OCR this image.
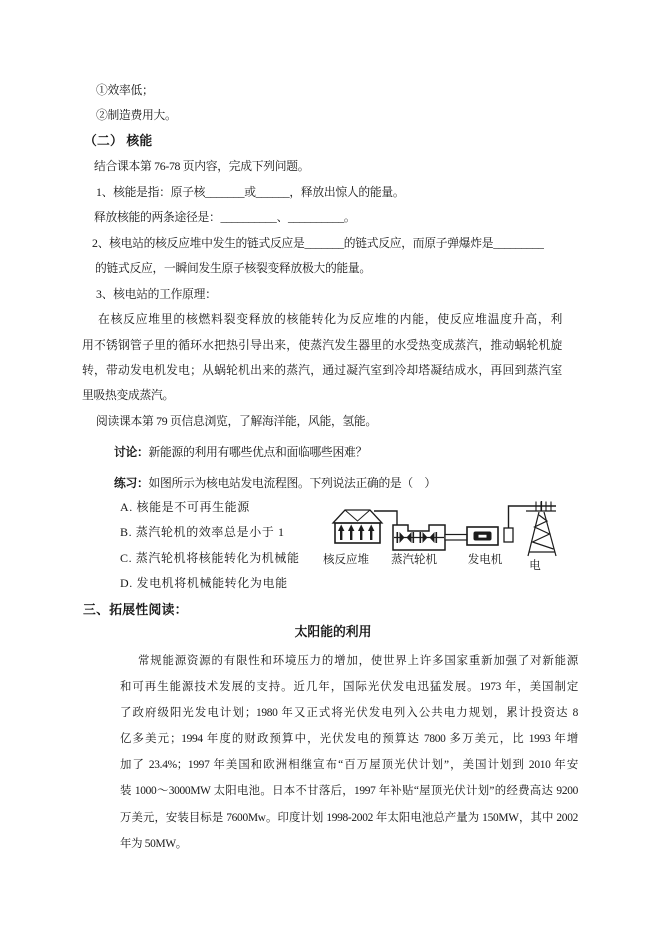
①效率低；
②制造费用大。
（二） 核能
结合课本第 76-78 页内容，完成下列问题。
1、核能是指：原子核_______或______，释放出惊人的能量。
释放核能的两条途径是：__________、__________。
2、核电站的核反应堆中发生的链式反应是_______的链式反应，而原子弹爆炸是_________
的链式反应，一瞬间发生原子核裂变释放极大的能量。
3、核电站的工作原理：
在核反应堆里的核燃料裂变释放的核能转化为反应堆的内能，使反应堆温度升高，利
用不锈钢管子里的循环水把热引导出来，使蒸汽发生器里的水受热变成蒸汽，推动蜗轮机旋
转，带动发电机发电；从蜗轮机出来的蒸汽，通过凝汽室到冷却塔凝结成水，再回到蒸汽室
里吸热变成蒸汽。
阅读课本第 79 页信息浏览，了解海洋能，风能，氢能。
讨论：新能源的利用有哪些优点和面临哪些困难？
练习：如图所示为核电站发电流程图。下列说法正确的是（　）
A. 核能是不可再生能源
B. 蒸汽轮机的效率总是小于 1
C. 蒸汽轮机将核能转化为机械能
D. 发电机将机械能转化为电能
核反应堆 蒸汽轮机	发电机 电
三、拓展性阅读：
太阳能的利用
常规能源资源的有限性和环境压力的增加，使世界上许多国家重新加强了对新能源
和可再生能源技术发展的支持。近几年，国际光伏发电迅猛发展。1973 年，美国制定
了政府级阳光发电计划；1980 年又正式将光伏发电列入公共电力规划，累计投资达 8
亿多美元；1994 年度的财政预算中，光伏发电的预算达 7800 多万美元，比 1993 年增
加了 23.4%；1997 年美国和欧洲相继宣布“百万屋顶光伏计划”，美国计划到 2010 年安
装 1000～3000MW 太阳电池。日本不甘落后，1997 年补贴“屋顶光伏计划”的经费高达 9200
万美元，安装目标是 7600Mw。印度计划 1998-2002 年太阳电池总产量为 150MW，其中 2002
年为 50MW。
